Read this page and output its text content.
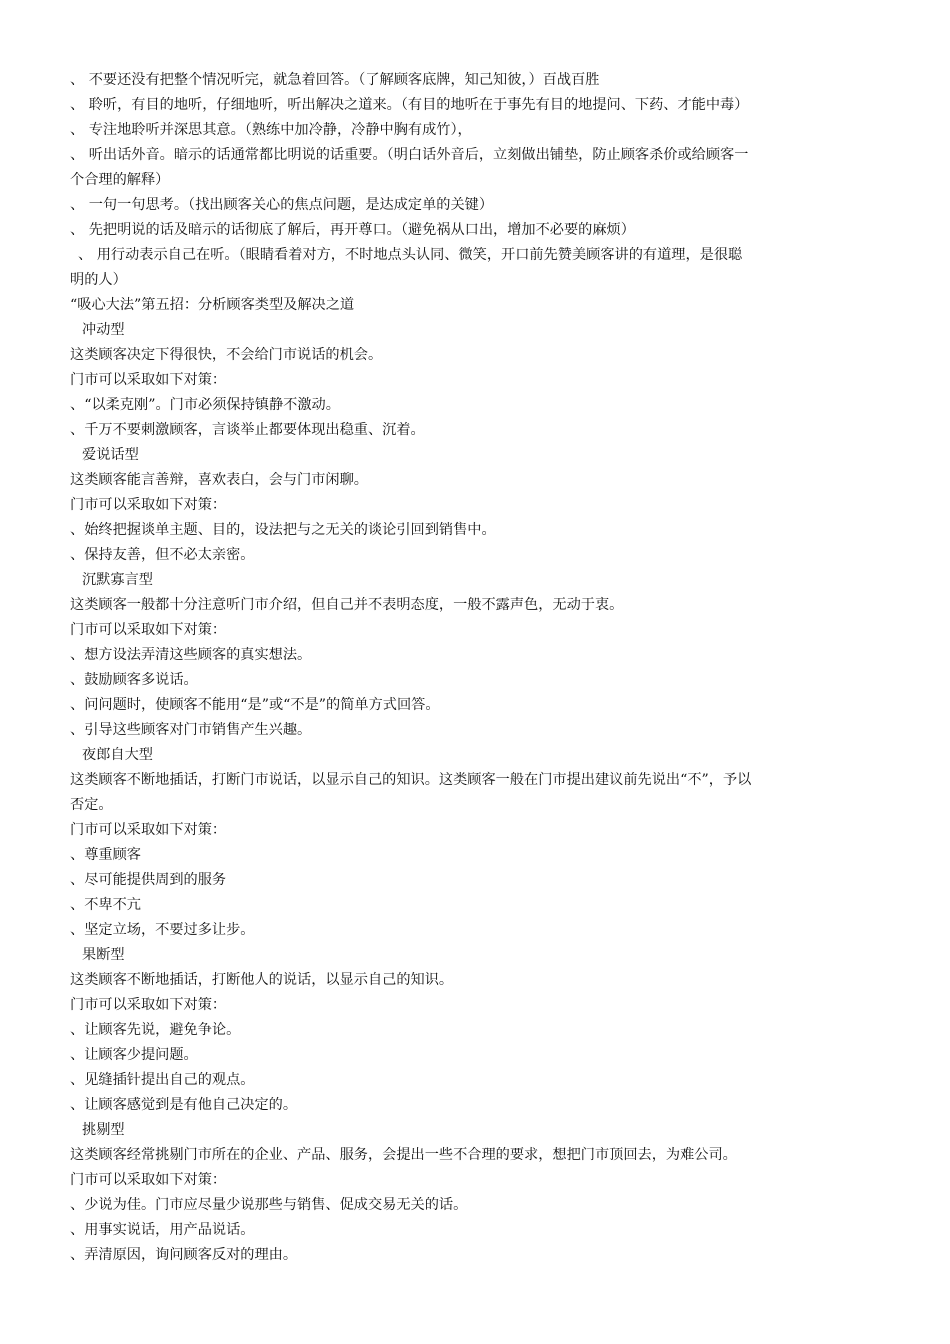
、 不要还没有把整个情况听完，就急着回答。（了解顾客底牌，知己知彼，）百战百胜
、 聆听，有目的地听，仔细地听，听出解决之道来。（有目的地听在于事先有目的地提问、下药、才能中毒）
、 专注地聆听并深思其意。（熟练中加冷静，冷静中胸有成竹），
、 听出话外音。暗示的话通常都比明说的话重要。（明白话外音后，立刻做出铺垫，防止顾客杀价或给顾客一
个合理的解释）
、 一句一句思考。（找出顾客关心的焦点问题，是达成定单的关键）
、 先把明说的话及暗示的话彻底了解后，再开尊口。（避免祸从口出，增加不必要的麻烦）
、 用行动表示自己在听。（眼睛看着对方，不时地点头认同、微笑，开口前先赞美顾客讲的有道理，是很聪
明的人）
“吸心大法”第五招：分析顾客类型及解决之道
冲动型
这类顾客决定下得很快，不会给门市说话的机会。
门市可以采取如下对策：
、“以柔克刚”。门市必须保持镇静不激动。
、千万不要刺激顾客，言谈举止都要体现出稳重、沉着。
爱说话型
这类顾客能言善辩，喜欢表白，会与门市闲聊。
门市可以采取如下对策：
、始终把握谈单主题、目的，设法把与之无关的谈论引回到销售中。
、保持友善，但不必太亲密。
沉默寡言型
这类顾客一般都十分注意听门市介绍，但自己并不表明态度，一般不露声色，无动于衷。
门市可以采取如下对策：
、想方设法弄清这些顾客的真实想法。
、鼓励顾客多说话。
、问问题时，使顾客不能用“是”或“不是”的简单方式回答。
、引导这些顾客对门市销售产生兴趣。
夜郎自大型
这类顾客不断地插话，打断门市说话，以显示自己的知识。这类顾客一般在门市提出建议前先说出“不”，予以
否定。
门市可以采取如下对策：
、尊重顾客
、尽可能提供周到的服务
、不卑不亢
、坚定立场，不要过多让步。
果断型
这类顾客不断地插话，打断他人的说话，以显示自己的知识。
门市可以采取如下对策：
、让顾客先说，避免争论。
、让顾客少提问题。
、见缝插针提出自己的观点。
、让顾客感觉到是有他自己决定的。
挑剔型
这类顾客经常挑剔门市所在的企业、产品、服务，会提出一些不合理的要求，想把门市顶回去，为难公司。
门市可以采取如下对策：
、少说为佳。门市应尽量少说那些与销售、促成交易无关的话。
、用事实说话，用产品说话。
、弄清原因，询问顾客反对的理由。
